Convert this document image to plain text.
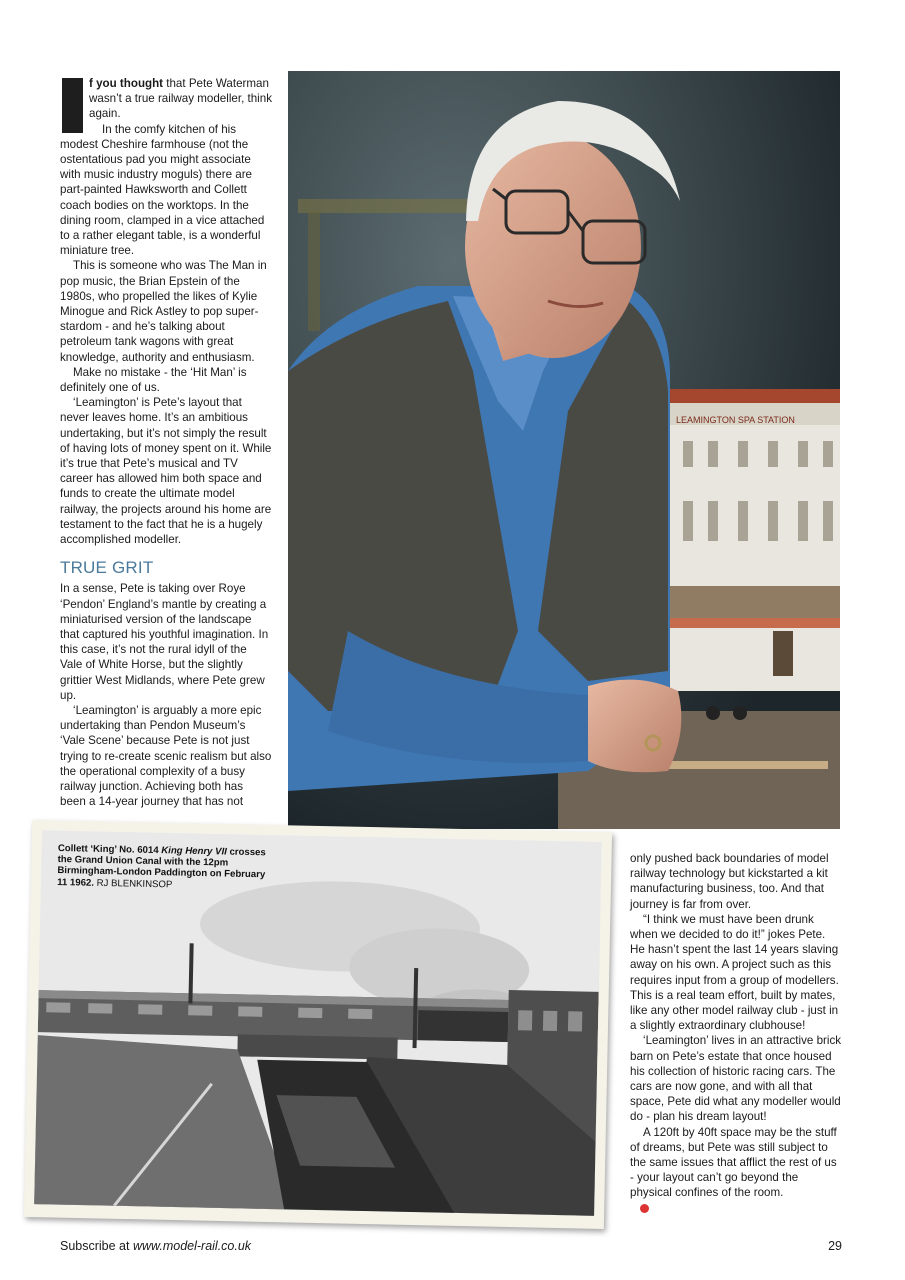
f you thought that Pete Waterman wasn’t a true railway modeller, think again.

In the comfy kitchen of his modest Cheshire farmhouse (not the ostentatious pad you might associate with music industry moguls) there are part-painted Hawksworth and Collett coach bodies on the worktops. In the dining room, clamped in a vice attached to a rather elegant table, is a wonderful miniature tree.

This is someone who was The Man in pop music, the Brian Epstein of the 1980s, who propelled the likes of Kylie Minogue and Rick Astley to pop super-stardom - and he’s talking about petroleum tank wagons with great knowledge, authority and enthusiasm.

Make no mistake - the ‘Hit Man’ is definitely one of us.

‘Leamington’ is Pete’s layout that never leaves home. It’s an ambitious undertaking, but it’s not simply the result of having lots of money spent on it. While it’s true that Pete’s musical and TV career has allowed him both space and funds to create the ultimate model railway, the projects around his home are testament to the fact that he is a hugely accomplished modeller.

TRUE GRIT

In a sense, Pete is taking over Roye ‘Pendon’ England’s mantle by creating a miniaturised version of the landscape that captured his youthful imagination. In this case, it’s not the rural idyll of the Vale of White Horse, but the slightly grittier West Midlands, where Pete grew up.

‘Leamington’ is arguably a more epic undertaking than Pendon Museum’s ‘Vale Scene’ because Pete is not just trying to re-create scenic realism but also the operational complexity of a busy railway junction. Achieving both has been a 14-year journey that has not

LEAMINGTON SPA STATION
Collett ‘King’ No. 6014 King Henry VII crosses the Grand Union Canal with the 12pm Birmingham-London Paddington on February 11 1962. RJ BLENKINSOP

only pushed back boundaries of model railway technology but kickstarted a kit manufacturing business, too. And that journey is far from over.

“I think we must have been drunk when we decided to do it!” jokes Pete. He hasn’t spent the last 14 years slaving away on his own. A project such as this requires input from a group of modellers. This is a real team effort, built by mates, like any other model railway club - just in a slightly extraordinary clubhouse!

‘Leamington’ lives in an attractive brick barn on Pete’s estate that once housed his collection of historic racing cars. The cars are now gone, and with all that space, Pete did what any modeller would do - plan his dream layout!

A 120ft by 40ft space may be the stuff of dreams, but Pete was still subject to the same issues that afflict the rest of us - your layout can’t go beyond the physical confines of the room.

Subscribe at www.model-rail.co.uk	29
